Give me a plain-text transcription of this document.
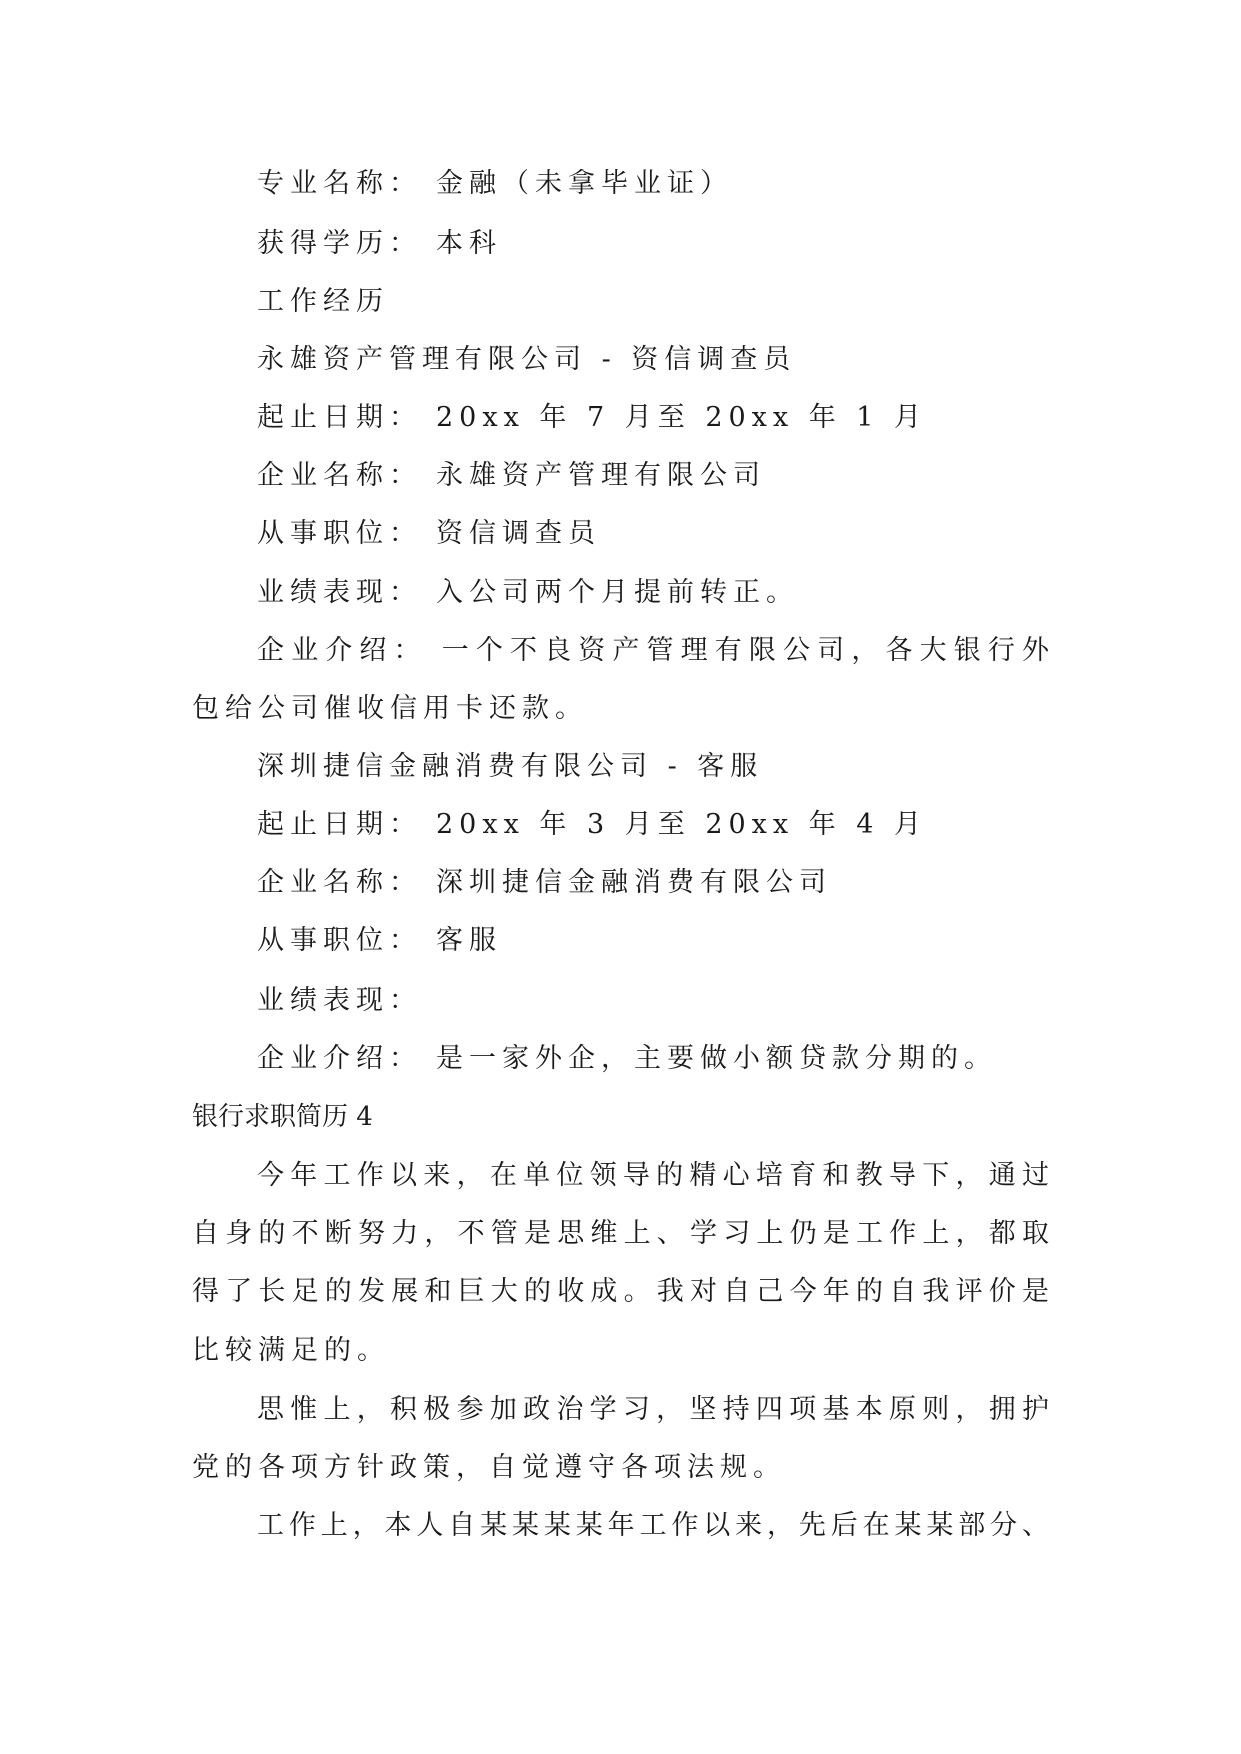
专业名称： 金融（未拿毕业证）
获得学历： 本科
工作经历
永雄资产管理有限公司 - 资信调查员
起止日期： 20xx 年 7 月至 20xx 年 1 月
企业名称： 永雄资产管理有限公司
从事职位： 资信调查员
业绩表现： 入公司两个月提前转正。
企业介绍： 一个不良资产管理有限公司，各大银行外
包给公司催收信用卡还款。
深圳捷信金融消费有限公司 - 客服
起止日期： 20xx 年 3 月至 20xx 年 4 月
企业名称： 深圳捷信金融消费有限公司
从事职位： 客服
业绩表现：
企业介绍： 是一家外企，主要做小额贷款分期的。
银行求职简历 4
今年工作以来，在单位领导的精心培育和教导下，通过
自身的不断努力，不管是思维上、学习上仍是工作上，都取
得了长足的发展和巨大的收成。我对自己今年的自我评价是
比较满足的。
思惟上，积极参加政治学习，坚持四项基本原则，拥护
党的各项方针政策，自觉遵守各项法规。
工作上，本人自某某某某年工作以来，先后在某某部分、
